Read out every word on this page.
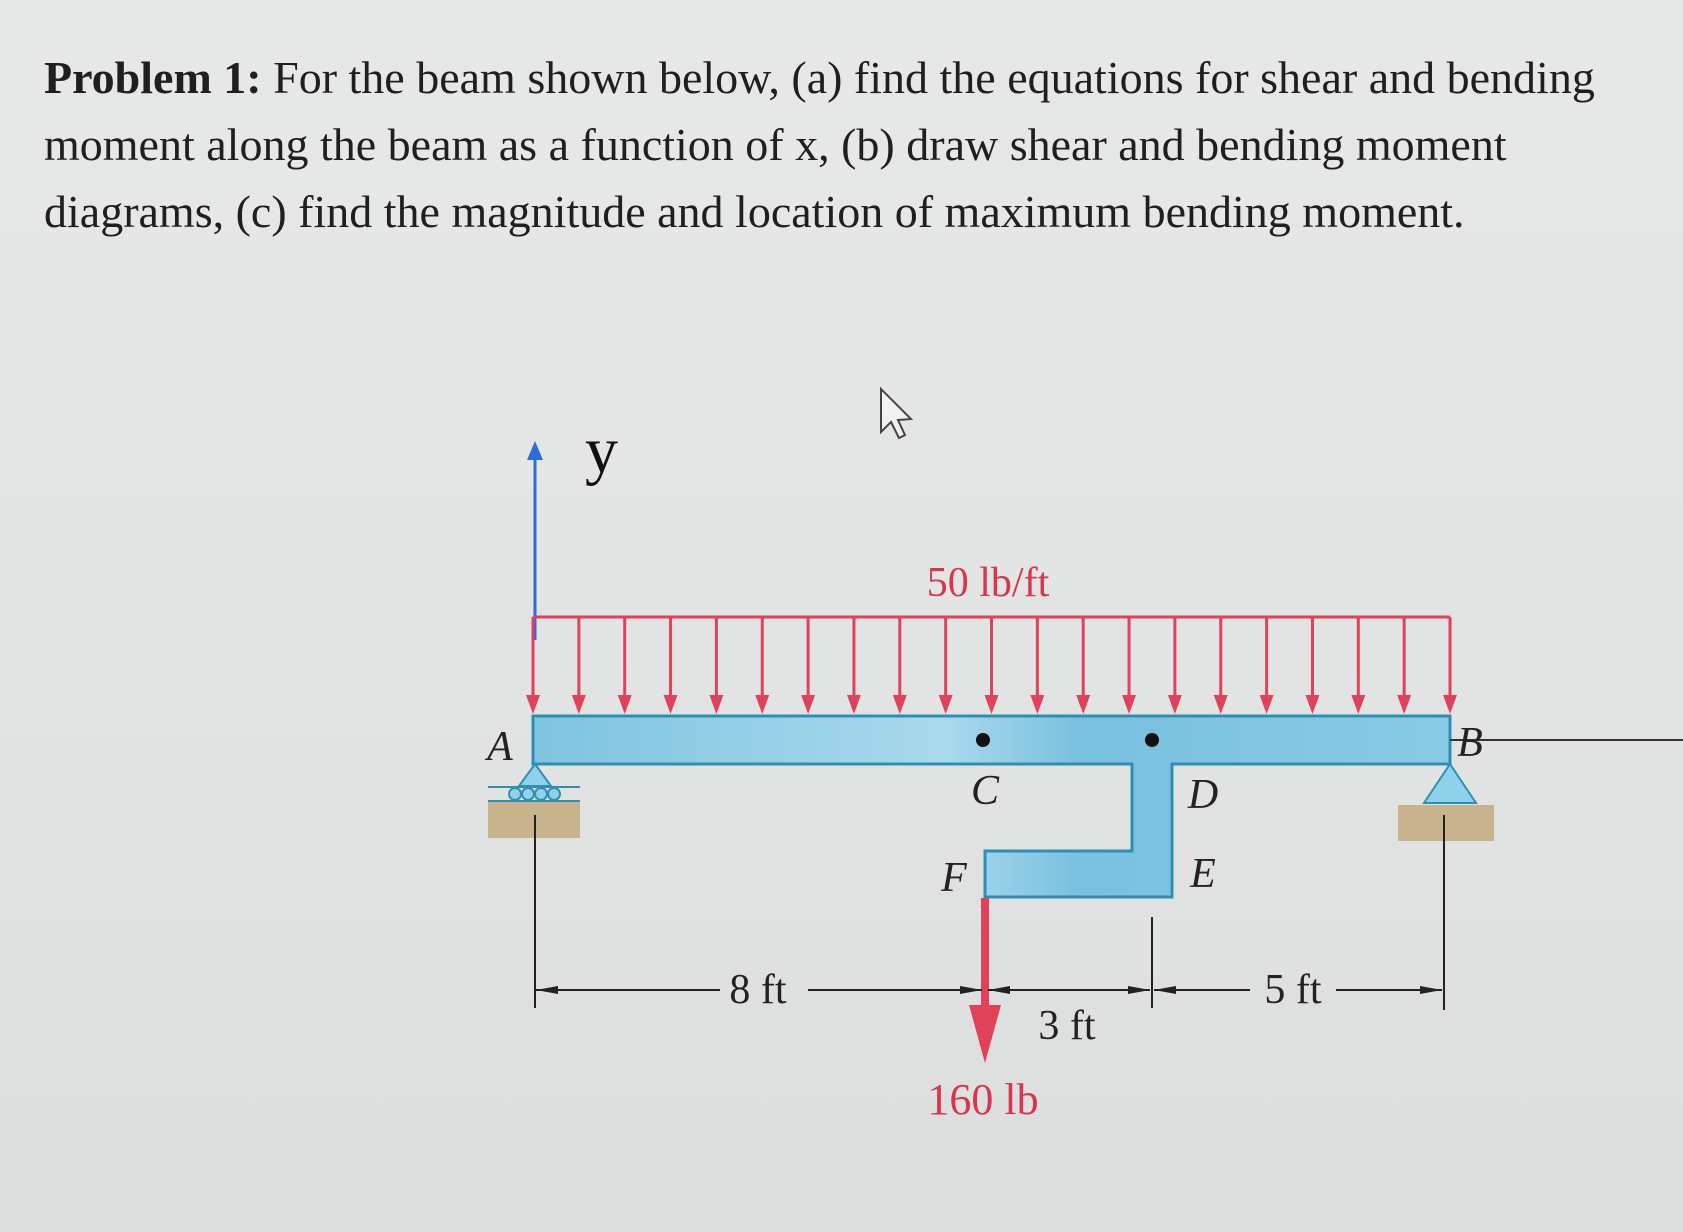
Problem 1: For the beam shown below, (a) find the equations for shear and bending moment along the beam as a function of x, (b) draw shear and bending moment diagrams, (c) find the magnitude and location of maximum bending moment.

y
50 lb/ft
A	B
C	D
E
F
160 lb
8 ft
3 ft
5 ft
